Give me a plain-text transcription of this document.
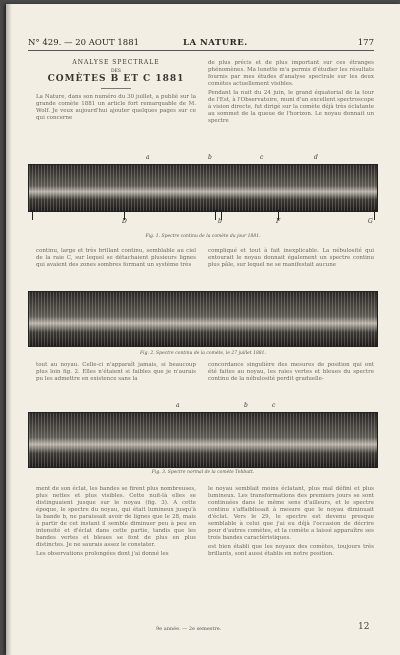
N° 429. — 20 AOUT 1881	LA NATURE.	177
ANALYSE SPECTRALE
DES
COMÈTES B ET C 1881
La Nature, dans son numéro du 30 juillet, a publié sur la grande comète 1881 un article fort remarquable de M. Wolf. Je veux aujourd'hui ajouter quelques pages sur ce qui concerne
de plus précis et de plus important sur ces étranges phénomènes. Ma lunette m'a permis d'étudier les résultats fournis par mes études d'analyse spectrale sur les deux comètes actuellement visibles.
Pendant la nuit du 24 juin, le grand équatorial de la tour de l'Est, à l'Observatoire, muni d'un excellent spectroscope à vision directe, fut dirigé sur la comète déjà très éclatante au sommet de la queue de l'horizon. Le noyau donnait un spectre
a	b	c	d
D	b	F	G
Fig. 1. Spectre continu de la comète du jour 1881.
continu, large et très brillant continu, semblable au ciel de la raie C, sur lequel se détachaient plusieurs lignes qui avaient des zones sombres formant un système très
compliqué et tout à fait inexplicable. La nébulosité qui entourait le noyau donnait également un spectre continu plus pâle, sur lequel ne se manifestait aucune
Fig. 2. Spectre continu de la comète, le 27 juillet 1881.
tout au noyau. Celle-ci n'apparaît jamais, si beaucoup plus loin fig. 2. Elles n'étaient si faibles que je n'aurais pu les admettre en existence sans la
concordance singulière des mesures de position qui ont été faites au noyau, les raies vertes et bleues du spectre continu de la nébulosité perdit graduelle-
a	b	c
Fig. 3. Spectre normal de la comète Tebbutt.
ment de son éclat, les bandes se firent plus nombreuses, plus nettes et plus visibles. Cette nuit-là elles se distinguaient jusque sur le noyau (fig. 3). A cette époque, le spectre du noyau, qui était lumineux jusqu'à la bande b, ne paraissait avoir de lignes que le 28, mais à partir de cet instant il semble diminuer peu à peu en intensité et d'éclat dans cette partie, tandis que les bandes vertes et bleues se font de plus en plus distinctes. Je ne saurais assez le constater.
Les observations prolongées dont j'ai donné les
le noyau semblait moins éclatant, plus mal défini et plus lumineux. Les transformations des premiers jours se sont continuées dans le même sens d'ailleurs, et le spectre continu s'affaiblissait à mesure que le noyau diminuait d'éclat. Vers le 29, le spectre est devenu presque semblable à celui que j'ai eu déjà l'occasion de décrire pour d'autres comètes, et la comète a laissé apparaître ses trois bandes caractéristiques.
est bien établi que les noyaux des comètes, toujours très brillants, sont aussi établis en notre position.
9e année. — 2e semestre.	12
